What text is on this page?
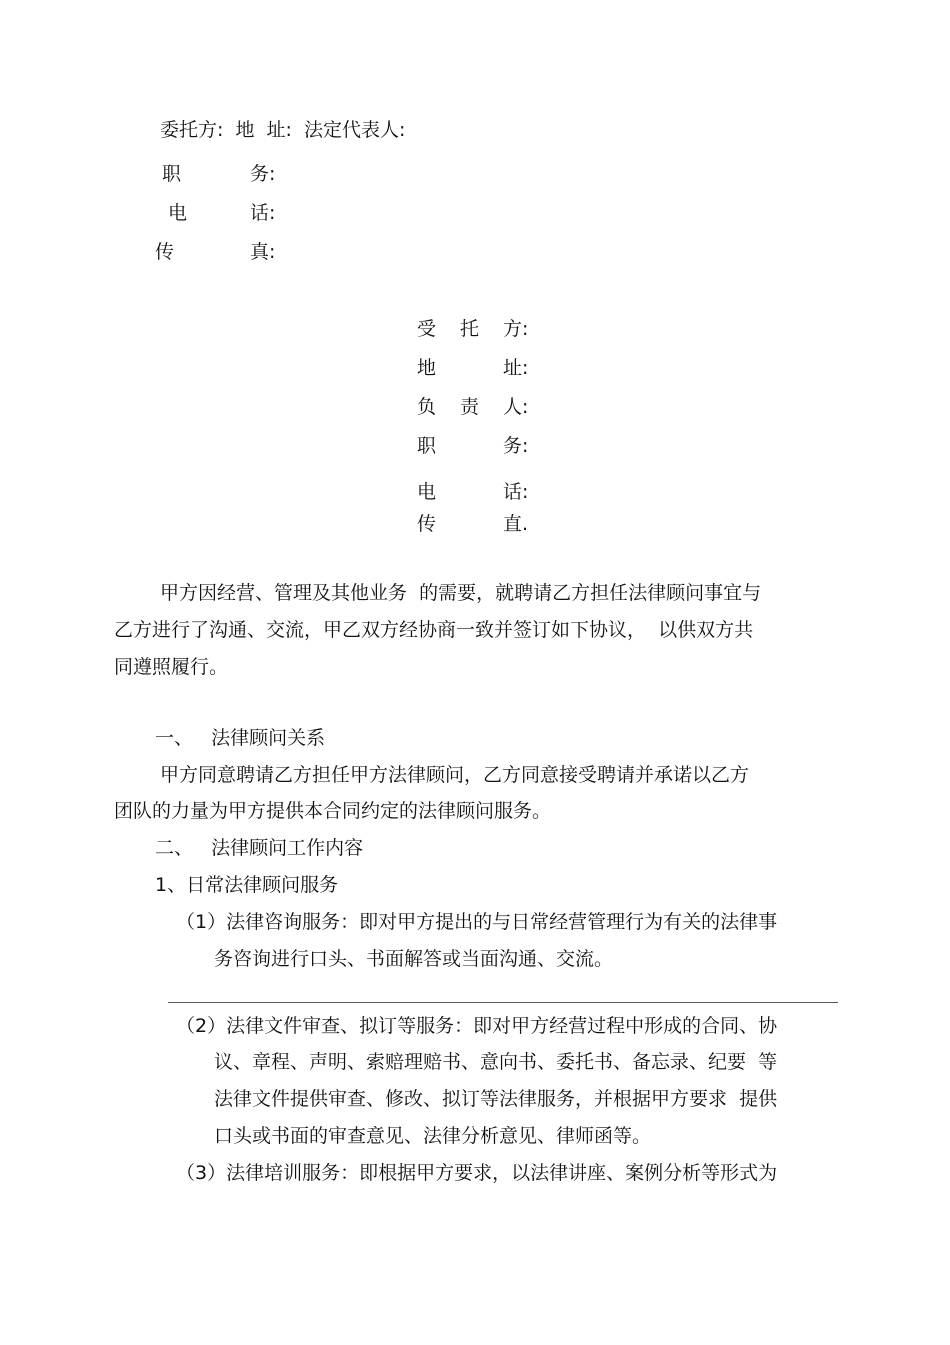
委托方:  地  址:  法定代表人:
职	务:
电	话:
传	真:
受 托 方:
地	址:
负 责 人:
职	务:
电	话:
传	直.
甲方因经营、管理及其他业务  的需要，就聘请乙方担任法律顾问事宜与
乙方进行了沟通、交流，甲乙双方经协商一致并签订如下协议，  以供双方共
同遵照履行。
一、   法律顾问关系
甲方同意聘请乙方担任甲方法律顾问，乙方同意接受聘请并承诺以乙方
团队的力量为甲方提供本合同约定的法律顾问服务。
二、   法律顾问工作内容
1、日常法律顾问服务
（1）法律咨询服务：即对甲方提出的与日常经营管理行为有关的法律事
务咨询进行口头、书面解答或当面沟通、交流。
（2）法律文件审查、拟订等服务：即对甲方经营过程中形成的合同、协
议、章程、声明、索赔理赔书、意向书、委托书、备忘录、纪要  等
法律文件提供审查、修改、拟订等法律服务，并根据甲方要求  提供
口头或书面的审查意见、法律分析意见、律师函等。
（3）法律培训服务：即根据甲方要求，以法律讲座、案例分析等形式为
